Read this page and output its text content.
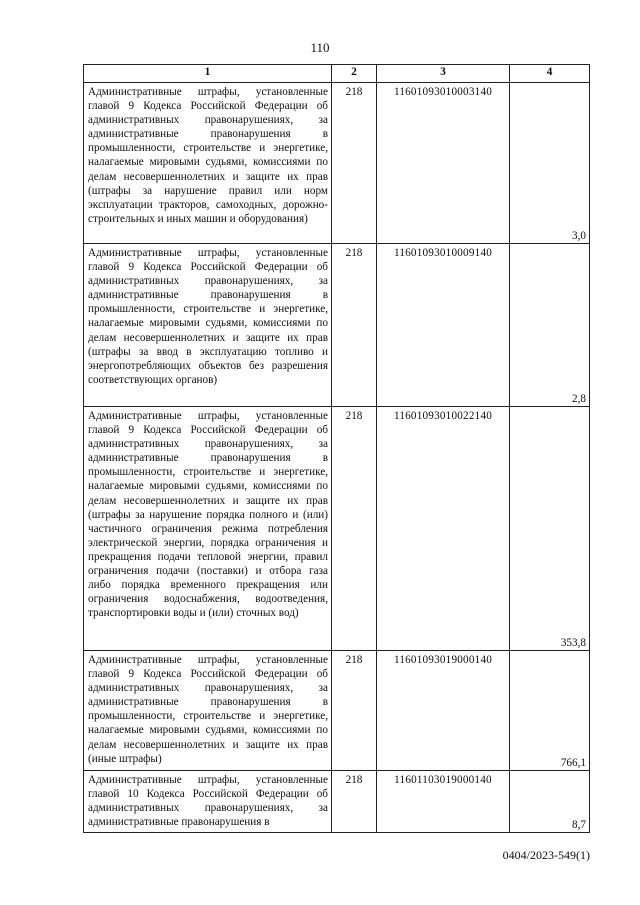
110
1	2	3	4
Административные штрафы, установленные главой 9 Кодекса Российской Федерации об административных правонарушениях, за административные правонарушения в промышленности, строительстве и энергетике, налагаемые мировыми судьями, комиссиями по делам несовершеннолетних и защите их прав (штрафы за нарушение правил или норм эксплуатации тракторов, самоходных, дорожно-строительных и иных машин и оборудования)	218	11601093010003140	3,0
Административные штрафы, установленные главой 9 Кодекса Российской Федерации об административных правонарушениях, за административные правонарушения в промышленности, строительстве и энергетике, налагаемые мировыми судьями, комиссиями по делам несовершеннолетних и защите их прав (штрафы за ввод в эксплуатацию топливо и энергопотребляющих объектов без разрешения соответствующих органов)	218	11601093010009140	2,8
Административные штрафы, установленные главой 9 Кодекса Российской Федерации об административных правонарушениях, за административные правонарушения в промышленности, строительстве и энергетике, налагаемые мировыми судьями, комиссиями по делам несовершеннолетних и защите их прав (штрафы за нарушение порядка полного и (или) частичного ограничения режима потребления электрической энергии, порядка ограничения и прекращения подачи тепловой энергии, правил ограничения подачи (поставки) и отбора газа либо порядка временного прекращения или ограничения водоснабжения, водоотведения, транспортировки воды и (или) сточных вод)	218	11601093010022140	353,8
Административные штрафы, установленные главой 9 Кодекса Российской Федерации об административных правонарушениях, за административные правонарушения в промышленности, строительстве и энергетике, налагаемые мировыми судьями, комиссиями по делам несовершеннолетних и защите их прав (иные штрафы)	218	11601093019000140	766,1
Административные штрафы, установленные главой 10 Кодекса Российской Федерации об административных правонарушениях, за административные правонарушения в	218	11601103019000140	8,7
0404/2023-549(1)
